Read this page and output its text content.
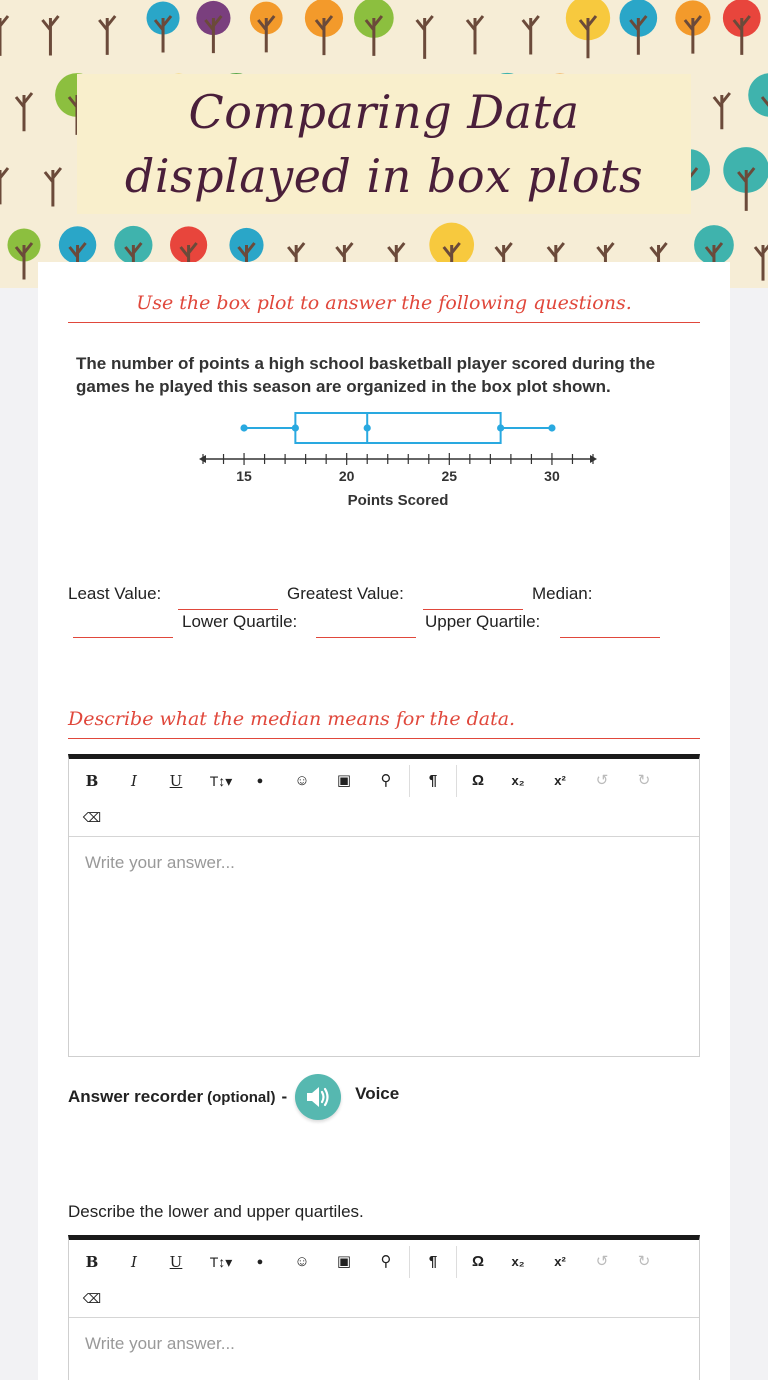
Comparing Data displayed in box plots
Use the box plot to answer the following questions.
The number of points a high school basketball player scored during the games he played this season are organized in the box plot shown.
15	20	25	30
Points Scored
Least Value:	Greatest Value:	Median:
Lower Quartile:	Upper Quartile:
Describe what the median means for the data.
B	I	U	T↕▾	●	☺	▣	⚲	¶	Ω	x₂	x²	↺	↻
⌫
Write your answer...
Answer recorder (optional) -	Voice
Describe the lower and upper quartiles.
B	I	U	T↕▾	●	☺	▣	⚲	¶	Ω	x₂	x²	↺	↻
⌫
Write your answer...
